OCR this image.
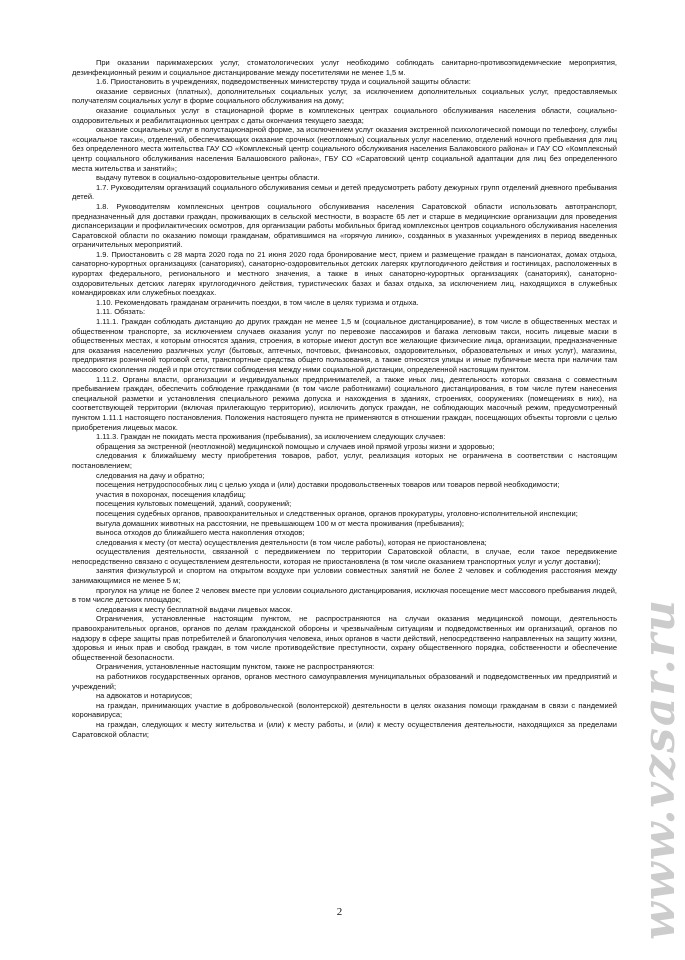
При оказании парикмахерских услуг, стоматологических услуг необходимо соблюдать санитарно-противоэпидемические мероприятия, дезинфекционный режим и социальное дистанцирование между посетителями не менее 1,5 м.

1.6. Приостановить в учреждениях, подведомственных министерству труда и социальной защиты области:

оказание сервисных (платных), дополнительных социальных услуг, за исключением дополнительных социальных услуг, предоставляемых получателям социальных услуг в форме социального обслуживания на дому;

оказание социальных услуг в стационарной форме в комплексных центрах социального обслуживания населения области, социально-оздоровительных и реабилитационных центрах с даты окончания текущего заезда;

оказание социальных услуг в полустационарной форме, за исключением услуг оказания экстренной психологической помощи по телефону, службы «социальное такси», отделений, обеспечивающих оказание срочных (неотложных) социальных услуг населению, отделений ночного пребывания для лиц без определенного места жительства ГАУ СО «Комплексный центр социального обслуживания населения Балаковского района» и ГАУ СО «Комплексный центр социального обслуживания населения Балашовского района», ГБУ СО «Саратовский центр социальной адаптации для лиц без определенного места жительства и занятий»;

выдачу путевок в социально-оздоровительные центры области.

1.7. Руководителям организаций социального обслуживания семьи и детей предусмотреть работу дежурных групп отделений дневного пребывания детей.

1.8. Руководителям комплексных центров социального обслуживания населения Саратовской области использовать автотранспорт, предназначенный для доставки граждан, проживающих в сельской местности, в возрасте 65 лет и старше в медицинские организации для проведения диспансеризации и профилактических осмотров, для организации работы мобильных бригад комплексных центров социального обслуживания населения Саратовской области по оказанию помощи гражданам, обратившимся на «горячую линию», созданных в указанных учреждениях в период введенных ограничительных мероприятий.

1.9. Приостановить с 28 марта 2020 года по 21 июня 2020 года бронирование мест, прием и размещение граждан в пансионатах, домах отдыха, санаторно-курортных организациях (санаториях), санаторно-оздоровительных детских лагерях круглогодичного действия и гостиницах, расположенных в курортах федерального, регионального и местного значения, а также в иных санаторно-курортных организациях (санаториях), санаторно-оздоровительных детских лагерях круглогодичного действия, туристических базах и базах отдыха, за исключением лиц, находящихся в служебных командировках или служебных поездках.

1.10. Рекомендовать гражданам ограничить поездки, в том числе в целях туризма и отдыха.

1.11. Обязать:

1.11.1. Граждан соблюдать дистанцию до других граждан не менее 1,5 м (социальное дистанцирование), в том числе в общественных местах и общественном транспорте, за исключением случаев оказания услуг по перевозке пассажиров и багажа легковым такси, носить лицевые маски в общественных местах, к которым относятся здания, строения, в которые имеют доступ все желающие физические лица, организации, предназначенные для оказания населению различных услуг (бытовых, аптечных, почтовых, финансовых, оздоровительных, образовательных и иных услуг), магазины, предприятия розничной торговой сети, транспортные средства общего пользования, а также относятся улицы и иные публичные места при наличии там массового скопления людей и при отсутствии соблюдения между ними социальной дистанции, определенной настоящим пунктом.

1.11.2. Органы власти, организации и индивидуальных предпринимателей, а также иных лиц, деятельность которых связана с совместным пребыванием граждан, обеспечить соблюдение гражданами (в том числе работниками) социального дистанцирования, в том числе путем нанесения специальной разметки и установления специального режима допуска и нахождения в зданиях, строениях, сооружениях (помещениях в них), на соответствующей территории (включая прилегающую территорию), исключить допуск граждан, не соблюдающих масочный режим, предусмотренный пунктом 1.11.1 настоящего постановления. Положения настоящего пункта не применяются в отношении граждан, посещающих объекты торговли с целью приобретения лицевых масок.

1.11.3. Граждан не покидать места проживания (пребывания), за исключением следующих случаев:

обращения за экстренной (неотложной) медицинской помощью и случаев иной прямой угрозы жизни и здоровью;

следования к ближайшему месту приобретения товаров, работ, услуг, реализация которых не ограничена в соответствии с настоящим постановлением;

следования на дачу и обратно;

посещения нетрудоспособных лиц с целью ухода и (или) доставки продовольственных товаров или товаров первой необходимости;

участия в похоронах, посещения кладбищ;

посещения культовых помещений, зданий, сооружений;

посещения судебных органов, правоохранительных и следственных органов, органов прокуратуры, уголовно-исполнительной инспекции;

выгула домашних животных на расстоянии, не превышающем 100 м от места проживания (пребывания);

выноса отходов до ближайшего места накопления отходов;

следования к месту (от места) осуществления деятельности (в том числе работы), которая не приостановлена;

осуществления деятельности, связанной с передвижением по территории Саратовской области, в случае, если такое передвижение непосредственно связано с осуществлением деятельности, которая не приостановлена (в том числе оказанием транспортных услуг и услуг доставки);

занятия физкультурой и спортом на открытом воздухе при условии совместных занятий не более 2 человек и соблюдения расстояния между занимающимися не менее 5 м;

прогулок на улице не более 2 человек вместе при условии социального дистанцирования, исключая посещение мест массового пребывания людей, в том числе детских площадок;

следования к месту бесплатной выдачи лицевых масок.

Ограничения, установленные настоящим пунктом, не распространяются на случаи оказания медицинской помощи, деятельность правоохранительных органов, органов по делам гражданской обороны и чрезвычайным ситуациям и подведомственных им организаций, органов по надзору в сфере защиты прав потребителей и благополучия человека, иных органов в части действий, непосредственно направленных на защиту жизни, здоровья и иных прав и свобод граждан, в том числе противодействие преступности, охрану общественного порядка, собственности и обеспечение общественной безопасности.

Ограничения, установленные настоящим пунктом, также не распространяются:

на работников государственных органов, органов местного самоуправления муниципальных образований и подведомственных им предприятий и учреждений;

на адвокатов и нотариусов;

на граждан, принимающих участие в добровольческой (волонтерской) деятельности в целях оказания помощи гражданам в связи с пандемией коронавируса;

на граждан, следующих к месту жительства и (или) к месту работы, и (или) к месту осуществления деятельности, находящихся за пределами Саратовской области;

2	www.vzsar.ru
